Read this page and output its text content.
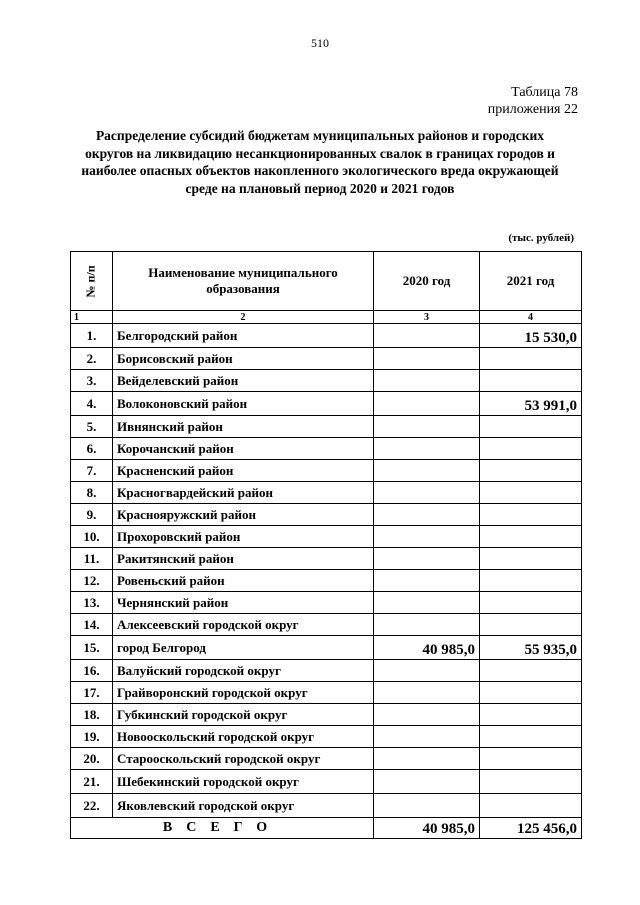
510
Таблица 78
приложения 22
Распределение субсидий бюджетам муниципальных районов и городских округов на ликвидацию несанкционированных свалок в границах городов и наиболее опасных объектов накопленного экологического вреда окружающей среде на плановый период 2020 и 2021 годов
(тыс. рублей)
№ п/п	Наименование муниципального образования	2020 год	2021 год
1	2	3	4
1.	Белгородский район		15 530,0
2.	Борисовский район		
3.	Вейделевский район		
4.	Волоконовский район		53 991,0
5.	Ивнянский район		
6.	Корочанский район		
7.	Красненский район		
8.	Красногвардейский район		
9.	Краснояружский район		
10.	Прохоровский район		
11.	Ракитянский район		
12.	Ровеньский район		
13.	Чернянский район		
14.	Алексеевский городской округ		
15.	город Белгород	40 985,0	55 935,0
16.	Валуйский городской округ		
17.	Грайворонский городской округ		
18.	Губкинский городской округ		
19.	Новооскольский городской округ		
20.	Старооскольский городской округ		
21.	Шебекинский городской округ		
22.	Яковлевский городской округ		
ВСЕГО		40 985,0	125 456,0
